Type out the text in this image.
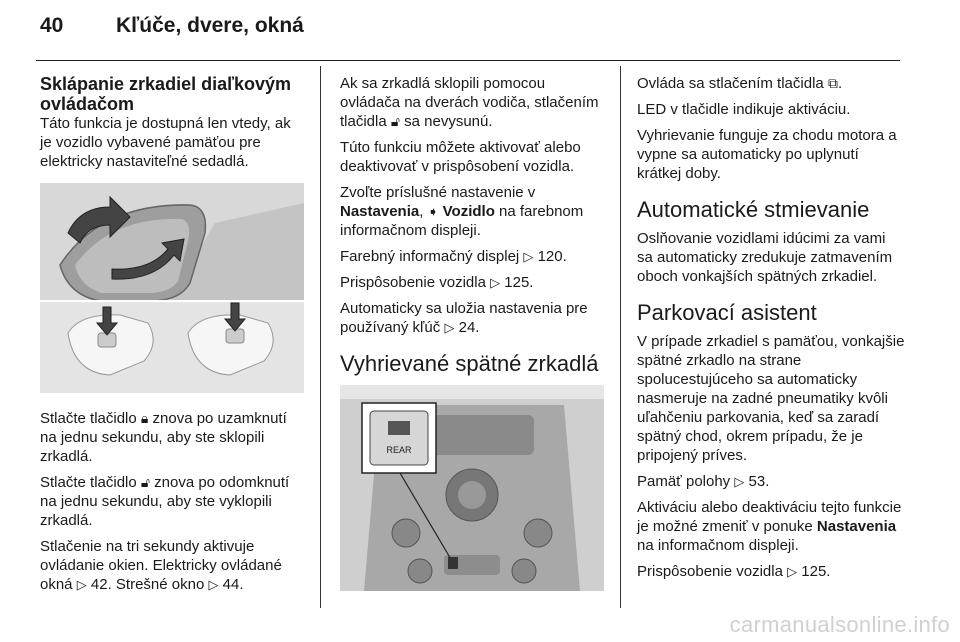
40	Kľúče, dvere, okná
Sklápanie zrkadiel diaľkovým ovládačom

Táto funkcia je dostupná len vtedy, ak je vozidlo vybavené pamäťou pre elektricky nastaviteľné sedadlá.

Stlačte tlačidlo 🔒︎ znova po uzamknutí na jednu sekundu, aby ste sklopili zrkadlá.

Stlačte tlačidlo 🔓︎ znova po odomknutí na jednu sekundu, aby ste vyklopili zrkadlá.

Stlačenie na tri sekundy aktivuje ovládanie okien. Elektricky ovládané okná ▷ 42. Strešné okno ▷ 44.

Ak sa zrkadlá sklopili pomocou ovládača na dverách vodiča, stlačením tlačidla 🔓︎ sa nevysunú.

Túto funkciu môžete aktivovať alebo deaktivovať v prispôsobení vozidla.

Zvoľte príslušné nastavenie v Nastavenia, ➧ Vozidlo na farebnom informačnom displeji.

Farebný informačný displej ▷ 120.

Prispôsobenie vozidla ▷ 125.

Automaticky sa uložia nastavenia pre používaný kľúč ▷ 24.

Vyhrievané spätné zrkadlá
REAR

Ovláda sa stlačením tlačidla ⧉.

LED v tlačidle indikuje aktiváciu.

Vyhrievanie funguje za chodu motora a vypne sa automaticky po uplynutí krátkej doby.

Automatické stmievanie

Oslňovanie vozidlami idúcimi za vami sa automaticky zredukuje zatmavením oboch vonkajších spätných zrkadiel.

Parkovací asistent

V prípade zrkadiel s pamäťou, vonkajšie spätné zrkadlo na strane spolucestujúceho sa automaticky nasmeruje na zadné pneumatiky kvôli uľahčeniu parkovania, keď sa zaradí spätný chod, okrem prípadu, že je pripojený príves.

Pamäť polohy ▷ 53.

Aktiváciu alebo deaktiváciu tejto funkcie je možné zmeniť v ponuke Nastavenia na informačnom displeji.

Prispôsobenie vozidla ▷ 125.

carmanualsonline.info
